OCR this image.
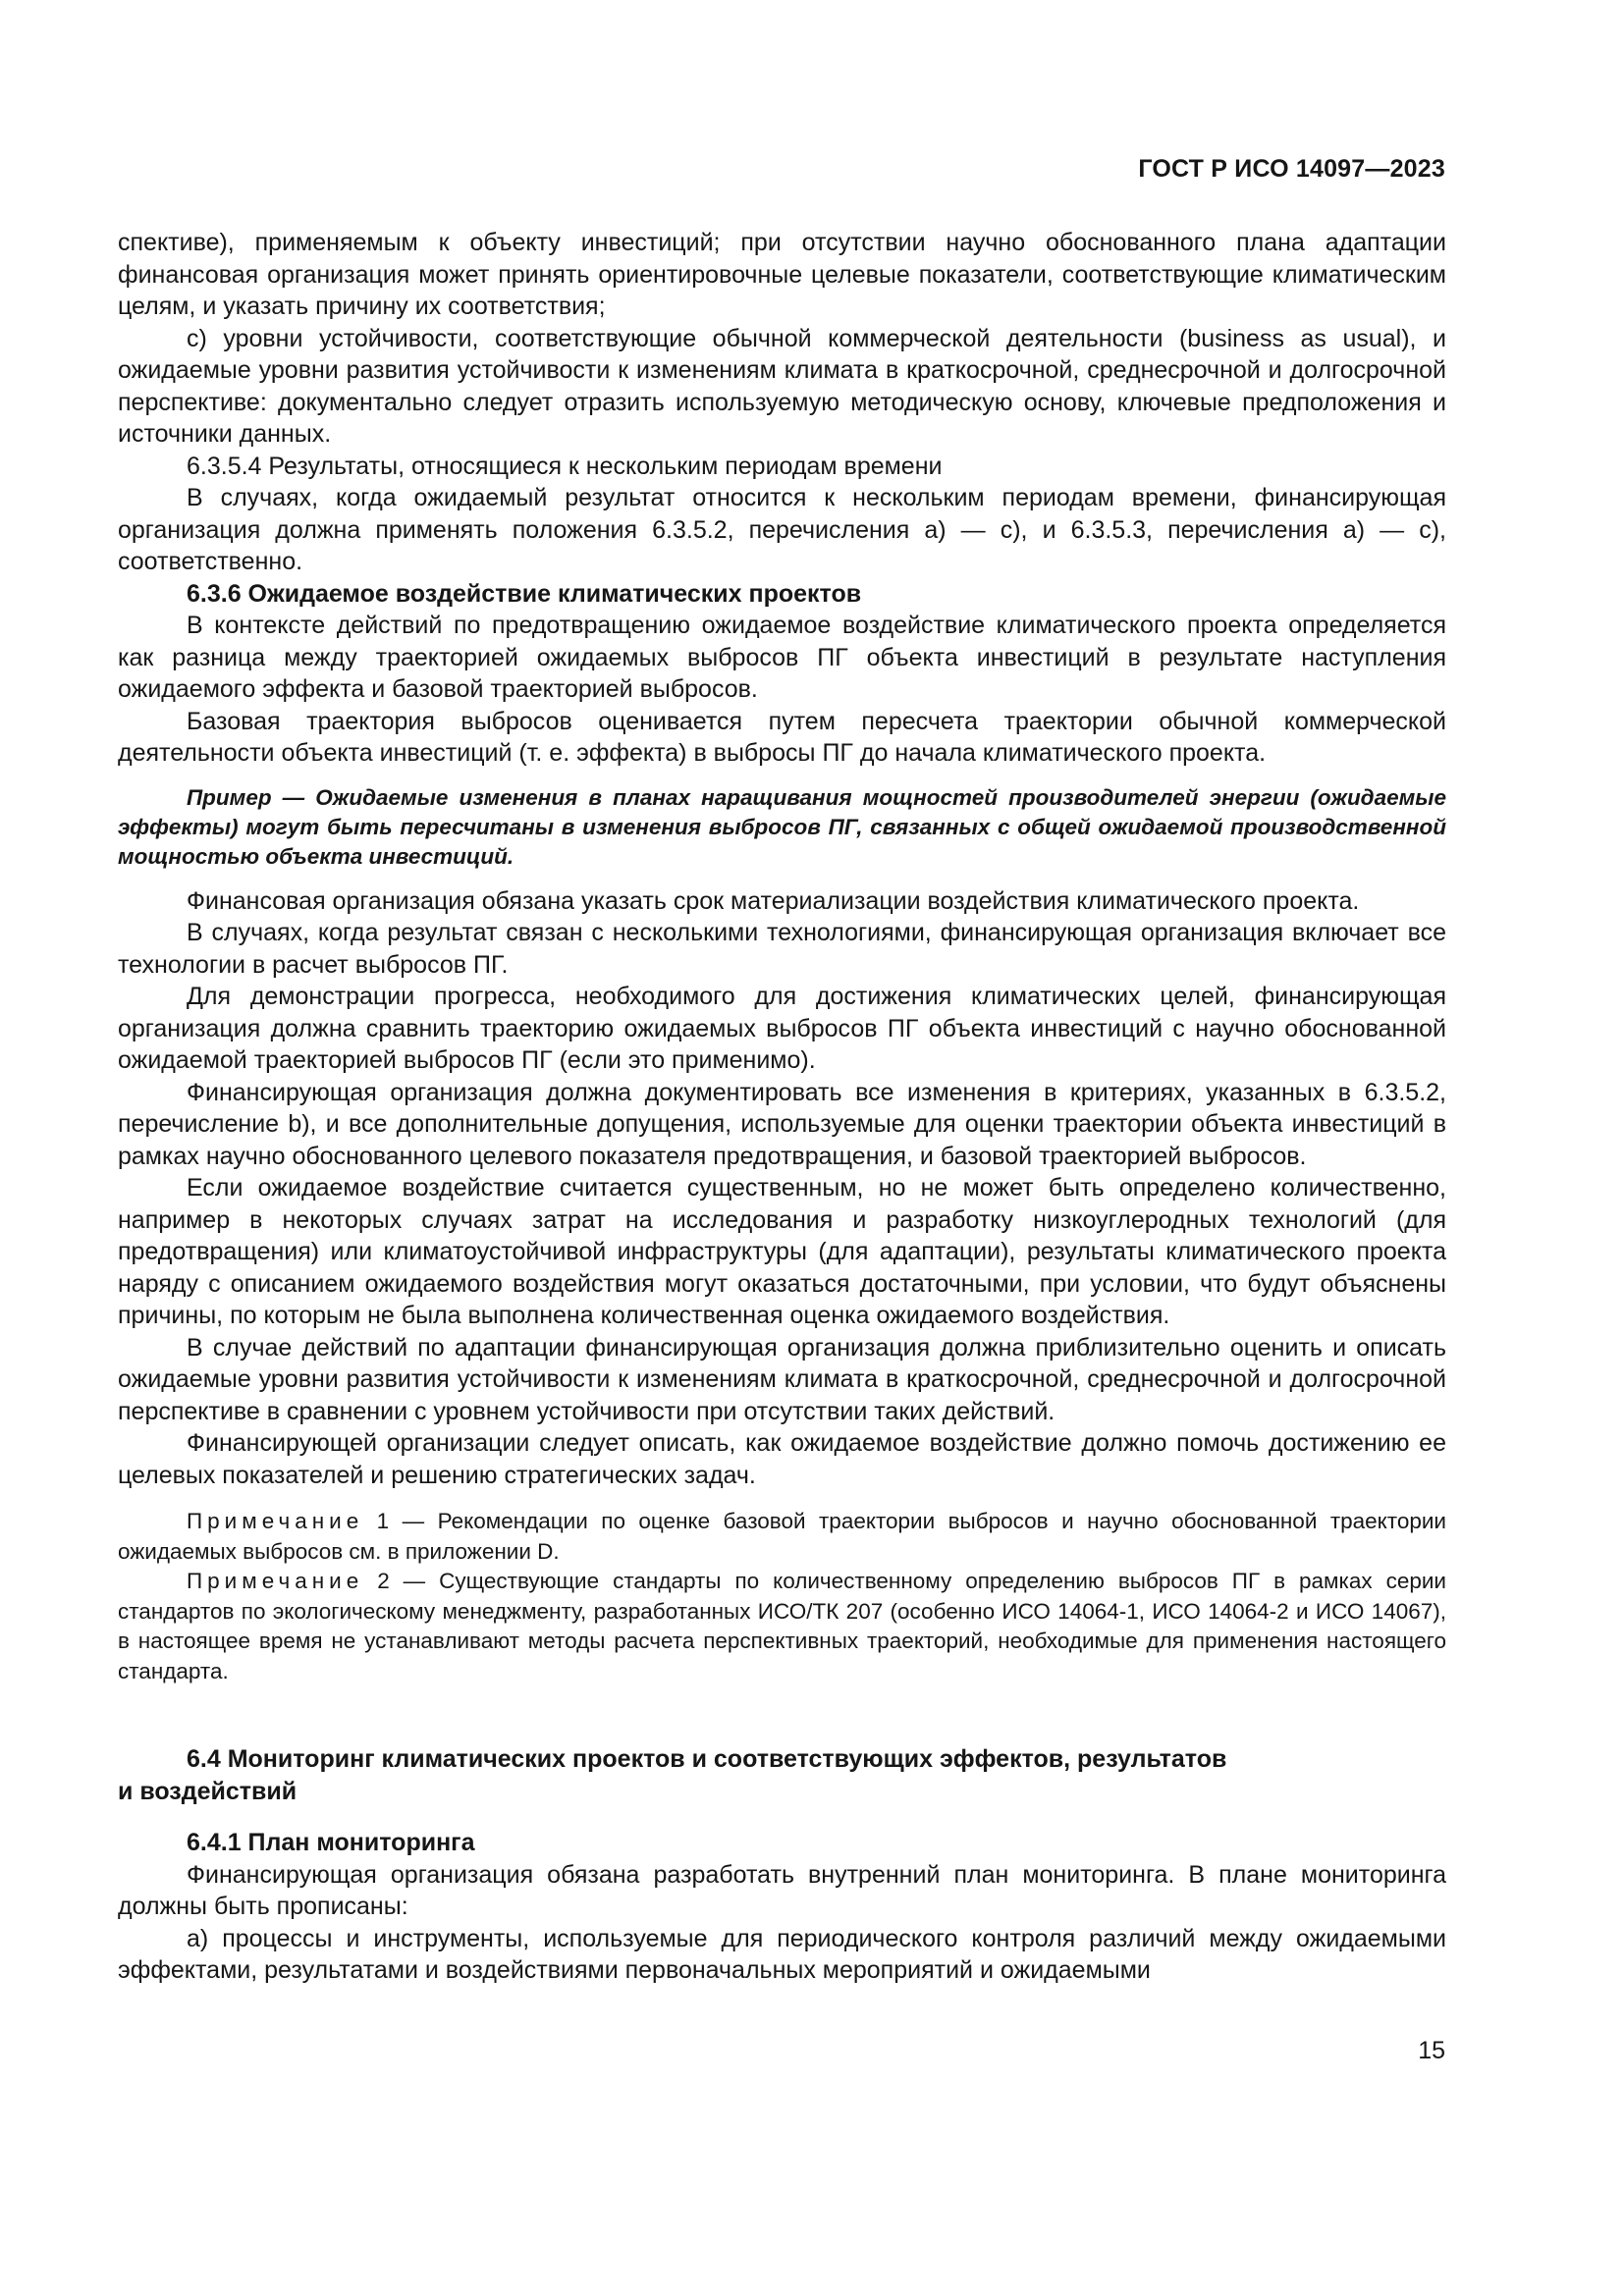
ГОСТ Р ИСО 14097—2023

спективе), применяемым к объекту инвестиций; при отсутствии научно обоснованного плана адаптации финансовая организация может принять ориентировочные целевые показатели, соответствующие климатическим целям, и указать причину их соответствия;

с) уровни устойчивости, соответствующие обычной коммерческой деятельности (business as usual), и ожидаемые уровни развития устойчивости к изменениям климата в краткосрочной, среднесрочной и долгосрочной перспективе: документально следует отразить используемую методическую основу, ключевые предположения и источники данных.

6.3.5.4 Результаты, относящиеся к нескольким периодам времени

В случаях, когда ожидаемый результат относится к нескольким периодам времени, финансирующая организация должна применять положения 6.3.5.2, перечисления а) — с), и 6.3.5.3, перечисления а) — с), соответственно.

6.3.6 Ожидаемое воздействие климатических проектов

В контексте действий по предотвращению ожидаемое воздействие климатического проекта определяется как разница между траекторией ожидаемых выбросов ПГ объекта инвестиций в результате наступления ожидаемого эффекта и базовой траекторией выбросов.

Базовая траектория выбросов оценивается путем пересчета траектории обычной коммерческой деятельности объекта инвестиций (т. е. эффекта) в выбросы ПГ до начала климатического проекта.

Пример — Ожидаемые изменения в планах наращивания мощностей производителей энергии (ожидаемые эффекты) могут быть пересчитаны в изменения выбросов ПГ, связанных с общей ожидаемой производственной мощностью объекта инвестиций.

Финансовая организация обязана указать срок материализации воздействия климатического проекта.

В случаях, когда результат связан с несколькими технологиями, финансирующая организация включает все технологии в расчет выбросов ПГ.

Для демонстрации прогресса, необходимого для достижения климатических целей, финансирующая организация должна сравнить траекторию ожидаемых выбросов ПГ объекта инвестиций с научно обоснованной ожидаемой траекторией выбросов ПГ (если это применимо).

Финансирующая организация должна документировать все изменения в критериях, указанных в 6.3.5.2, перечисление b), и все дополнительные допущения, используемые для оценки траектории объекта инвестиций в рамках научно обоснованного целевого показателя предотвращения, и базовой траекторией выбросов.

Если ожидаемое воздействие считается существенным, но не может быть определено количественно, например в некоторых случаях затрат на исследования и разработку низкоуглеродных технологий (для предотвращения) или климатоустойчивой инфраструктуры (для адаптации), результаты климатического проекта наряду с описанием ожидаемого воздействия могут оказаться достаточными, при условии, что будут объяснены причины, по которым не была выполнена количественная оценка ожидаемого воздействия.

В случае действий по адаптации финансирующая организация должна приблизительно оценить и описать ожидаемые уровни развития устойчивости к изменениям климата в краткосрочной, среднесрочной и долгосрочной перспективе в сравнении с уровнем устойчивости при отсутствии таких действий.

Финансирующей организации следует описать, как ожидаемое воздействие должно помочь достижению ее целевых показателей и решению стратегических задач.

Примечание 1 — Рекомендации по оценке базовой траектории выбросов и научно обоснованной траектории ожидаемых выбросов см. в приложении D.

Примечание 2 — Существующие стандарты по количественному определению выбросов ПГ в рамках серии стандартов по экологическому менеджменту, разработанных ИСО/ТК 207 (особенно ИСО 14064-1, ИСО 14064-2 и ИСО 14067), в настоящее время не устанавливают методы расчета перспективных траекторий, необходимые для применения настоящего стандарта.

6.4 Мониторинг климатических проектов и соответствующих эффектов, результатов
и воздействий

6.4.1 План мониторинга

Финансирующая организация обязана разработать внутренний план мониторинга. В плане мониторинга должны быть прописаны:

а) процессы и инструменты, используемые для периодического контроля различий между ожидаемыми эффектами, результатами и воздействиями первоначальных мероприятий и ожидаемыми

15
